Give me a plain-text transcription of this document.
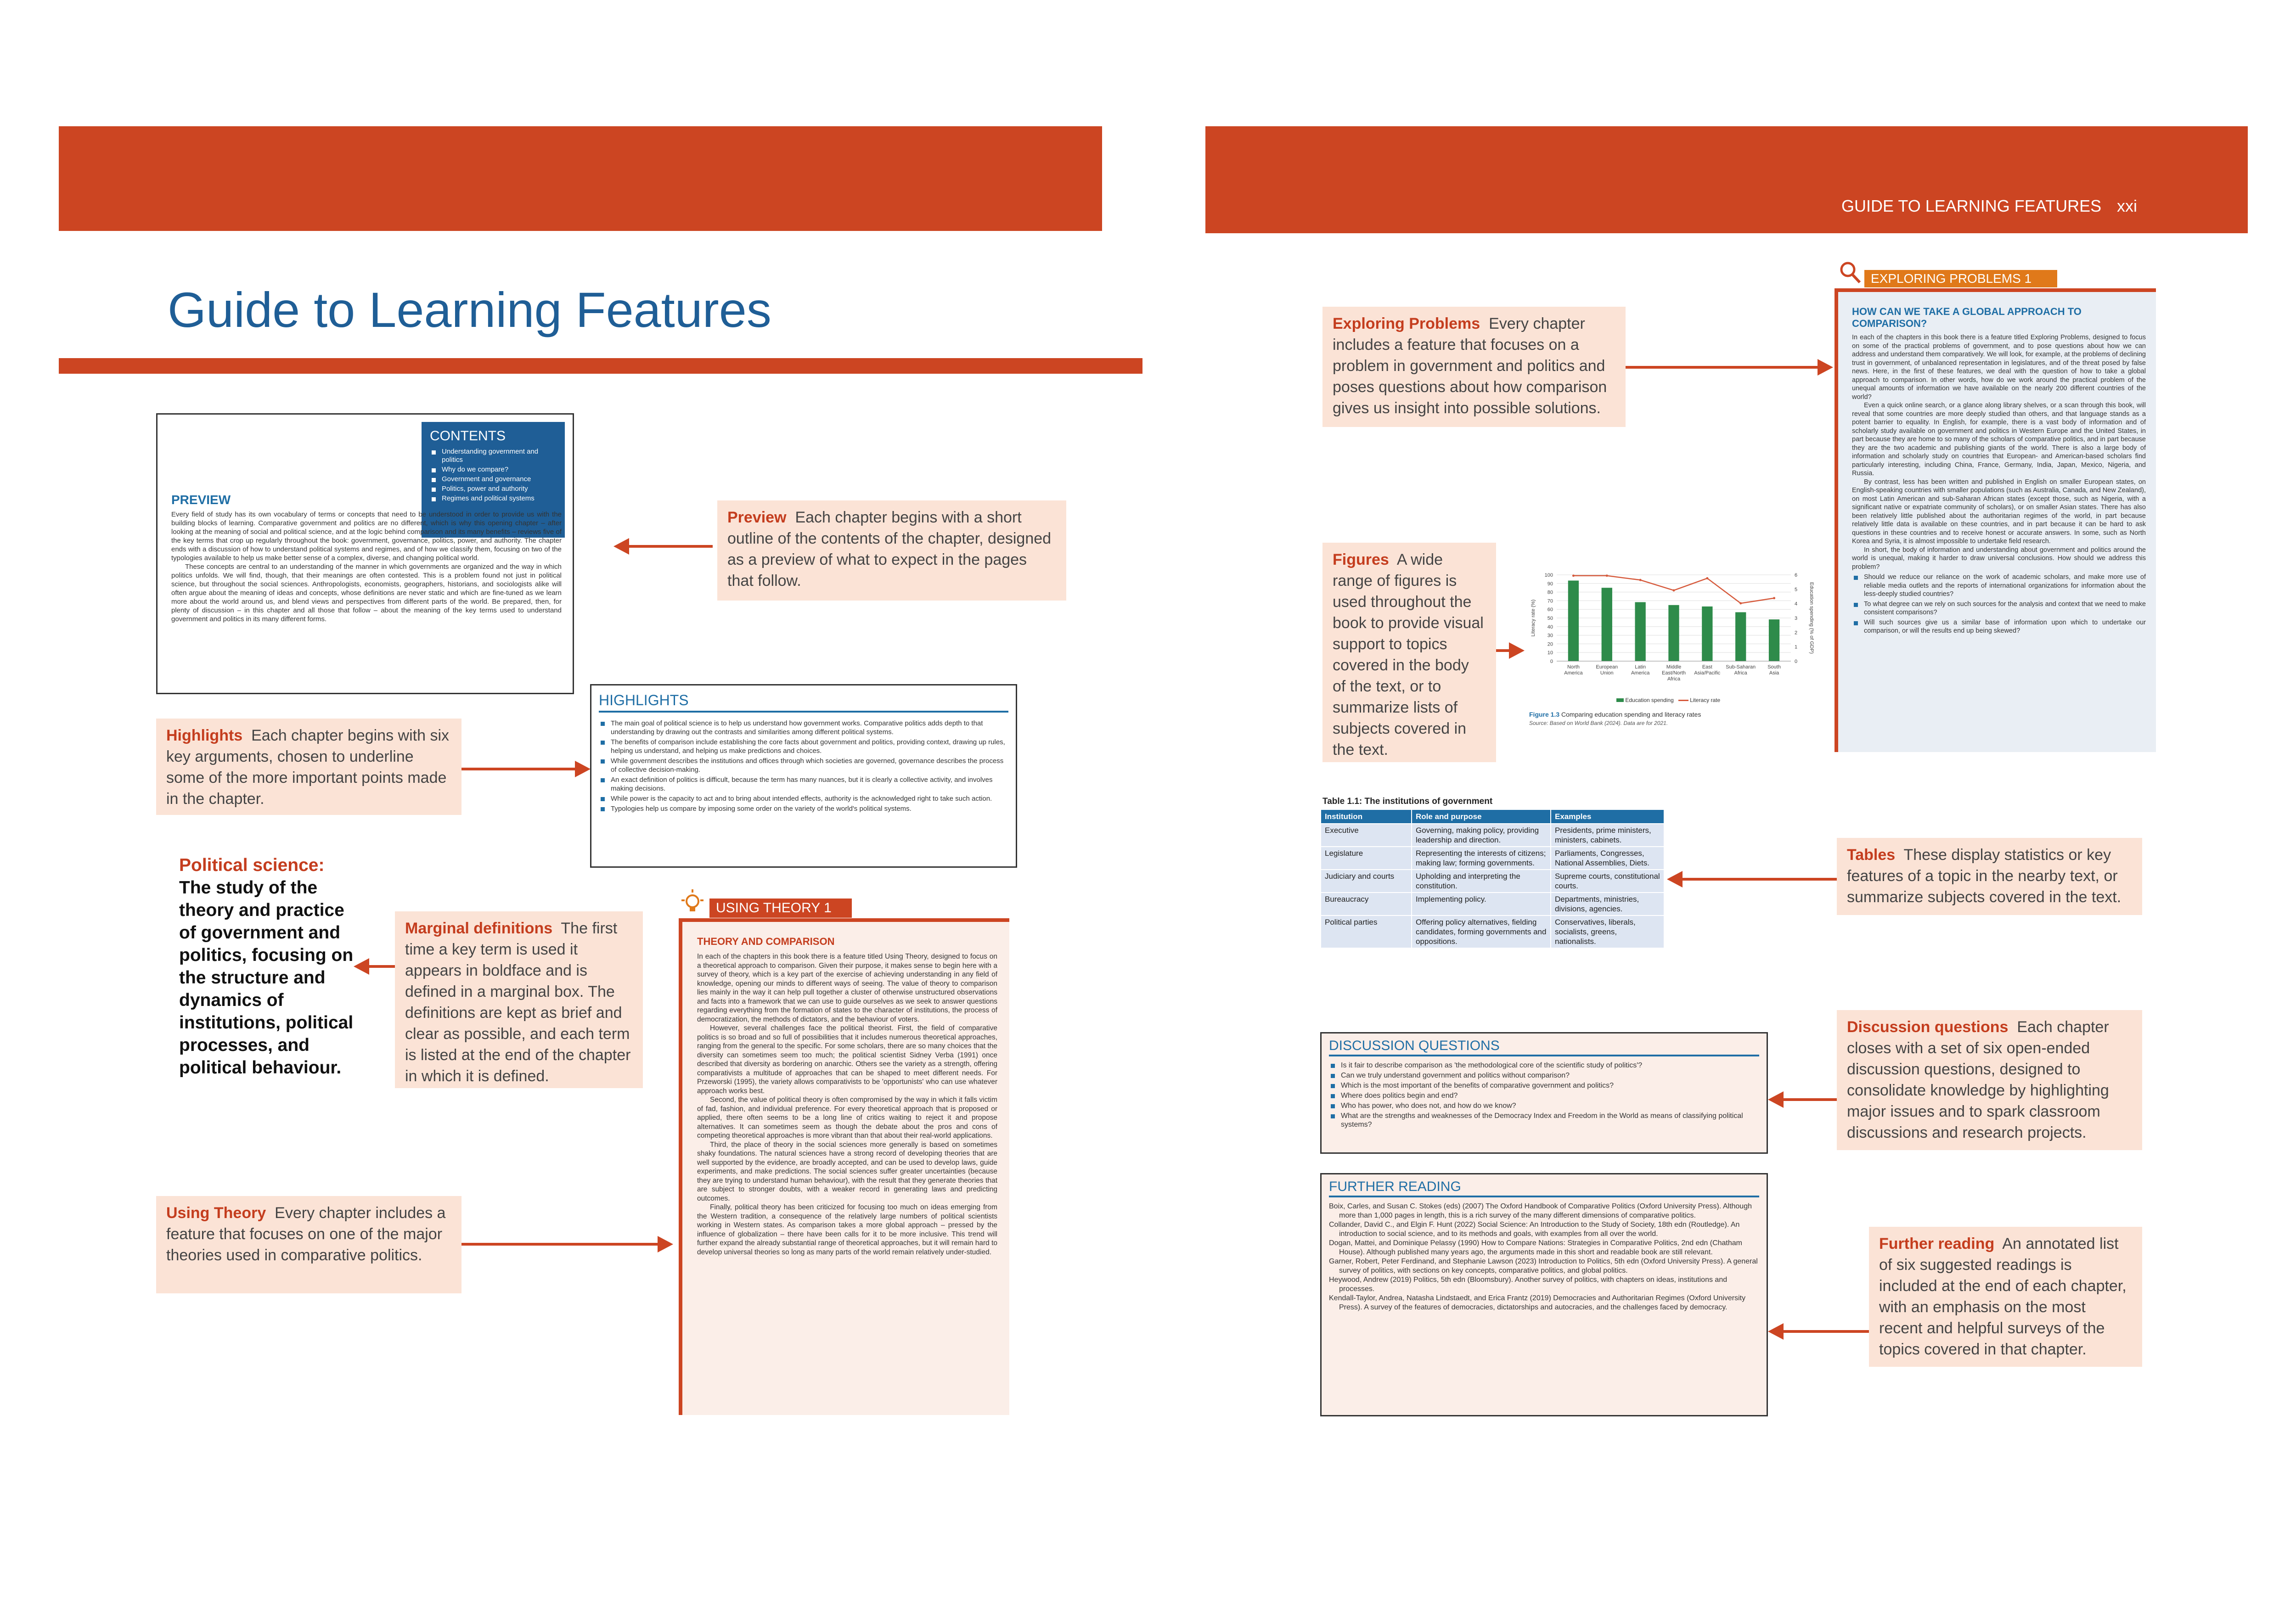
Guide to Learning Features
CONTENTS
Understanding government and politics
Why do we compare?
Government and governance
Politics, power and authority
Regimes and political systems
PREVIEW
Every field of study has its own vocabulary of terms or concepts that need to be understood in order to provide us with the building blocks of learning. Comparative government and politics are no different, which is why this opening chapter – after looking at the meaning of social and political science, and at the logic behind comparison and its many benefits – reviews five of the key terms that crop up regularly throughout the book: government, governance, politics, power, and authority. The chapter ends with a discussion of how to understand political systems and regimes, and of how we classify them, focusing on two of the typologies available to help us make better sense of a complex, diverse, and changing political world.
These concepts are central to an understanding of the manner in which governments are organized and the way in which politics unfolds. We will find, though, that their meanings are often contested. This is a problem found not just in political science, but throughout the social sciences. Anthropologists, economists, geographers, historians, and sociologists alike will often argue about the meaning of ideas and concepts, whose definitions are never static and which are fine-tuned as we learn more about the world around us, and blend views and perspectives from different parts of the world. Be prepared, then, for plenty of discussion – in this chapter and all those that follow – about the meaning of the key terms used to understand government and politics in its many different forms.
Preview Each chapter begins with a short outline of the contents of the chapter, designed as a preview of what to expect in the pages that follow.
Highlights Each chapter begins with six key arguments, chosen to underline some of the more important points made in the chapter.
HIGHLIGHTS
The main goal of political science is to help us understand how government works. Comparative politics adds depth to that understanding by drawing out the contrasts and similarities among different political systems.
The benefits of comparison include establishing the core facts about government and politics, providing context, drawing up rules, helping us understand, and helping us make predictions and choices.
While government describes the institutions and offices through which societies are governed, governance describes the process of collective decision-making.
An exact definition of politics is difficult, because the term has many nuances, but it is clearly a collective activity, and involves making decisions.
While power is the capacity to act and to bring about intended effects, authority is the acknowledged right to take such action.
Typologies help us compare by imposing some order on the variety of the world's political systems.
Political science:
The study of the theory and practice of government and politics, focusing on the structure and dynamics of institutions, political processes, and political behaviour.
Marginal definitions The first time a key term is used it appears in boldface and is defined in a marginal box. The definitions are kept as brief and clear as possible, and each term is listed at the end of the chapter in which it is defined.
Using Theory Every chapter includes a feature that focuses on one of the major theories used in comparative politics.
USING THEORY 1
THEORY AND COMPARISON
In each of the chapters in this book there is a feature titled Using Theory, designed to focus on a theoretical approach to comparison. Given their purpose, it makes sense to begin here with a survey of theory, which is a key part of the exercise of achieving understanding in any field of knowledge, opening our minds to different ways of seeing. The value of theory to comparison lies mainly in the way it can help pull together a cluster of otherwise unstructured observations and facts into a framework that we can use to guide ourselves as we seek to answer questions regarding everything from the formation of states to the character of institutions, the process of democratization, the methods of dictators, and the behaviour of voters.
However, several challenges face the political theorist. First, the field of comparative politics is so broad and so full of possibilities that it includes numerous theoretical approaches, ranging from the general to the specific. For some scholars, there are so many choices that the diversity can sometimes seem too much; the political scientist Sidney Verba (1991) once described that diversity as bordering on anarchic. Others see the variety as a strength, offering comparativists a multitude of approaches that can be shaped to meet different needs. For Przeworski (1995), the variety allows comparativists to be 'opportunists' who can use whatever approach works best.
Second, the value of political theory is often compromised by the way in which it falls victim of fad, fashion, and individual preference. For every theoretical approach that is proposed or applied, there often seems to be a long line of critics waiting to reject it and propose alternatives. It can sometimes seem as though the debate about the pros and cons of competing theoretical approaches is more vibrant than that about their real-world applications.
Third, the place of theory in the social sciences more generally is based on sometimes shaky foundations. The natural sciences have a strong record of developing theories that are well supported by the evidence, are broadly accepted, and can be used to develop laws, guide experiments, and make predictions. The social sciences suffer greater uncertainties (because they are trying to understand human behaviour), with the result that they generate theories that are subject to stronger doubts, with a weaker record in generating laws and predicting outcomes.
Finally, political theory has been criticized for focusing too much on ideas emerging from the Western tradition, a consequence of the relatively large numbers of political scientists working in Western states. As comparison takes a more global approach – pressed by the influence of globalization – there have been calls for it to be more inclusive. This trend will further expand the already substantial range of theoretical approaches, but it will remain hard to develop universal theories so long as many parts of the world remain relatively under-studied.
GUIDE TO LEARNING FEATURES xxi
Exploring Problems Every chapter includes a feature that focuses on a problem in government and politics and poses questions about how comparison gives us insight into possible solutions.
EXPLORING PROBLEMS 1
HOW CAN WE TAKE A GLOBAL APPROACH TO COMPARISON?
In each of the chapters in this book there is a feature titled Exploring Problems, designed to focus on some of the practical problems of government, and to pose questions about how we can address and understand them comparatively. We will look, for example, at the problems of declining trust in government, of unbalanced representation in legislatures, and of the threat posed by false news. Here, in the first of these features, we deal with the question of how to take a global approach to comparison. In other words, how do we work around the practical problem of the unequal amounts of information we have available on the nearly 200 different countries of the world?
Even a quick online search, or a glance along library shelves, or a scan through this book, will reveal that some countries are more deeply studied than others, and that language stands as a potent barrier to equality. In English, for example, there is a vast body of information and of scholarly study available on government and politics in Western Europe and the United States, in part because they are home to so many of the scholars of comparative politics, and in part because they are the two academic and publishing giants of the world. There is also a large body of information and scholarly study on countries that European- and American-based scholars find particularly interesting, including China, France, Germany, India, Japan, Mexico, Nigeria, and Russia.
By contrast, less has been written and published in English on smaller European states, on English-speaking countries with smaller populations (such as Australia, Canada, and New Zealand), on most Latin American and sub-Saharan African states (except those, such as Nigeria, with a significant native or expatriate community of scholars), or on smaller Asian states. There has also been relatively little published about the authoritarian regimes of the world, in part because relatively little data is available on these countries, and in part because it can be hard to ask questions in these countries and to receive honest or accurate answers. In some, such as North Korea and Syria, it is almost impossible to undertake field research.
In short, the body of information and understanding about government and politics around the world is unequal, making it harder to draw universal conclusions. How should we address this problem?
Should we reduce our reliance on the work of academic scholars, and make more use of reliable media outlets and the reports of international organizations for information about the less-deeply studied countries?
To what degree can we rely on such sources for the analysis and context that we need to make consistent comparisons?
Will such sources give us a similar base of information upon which to undertake our comparison, or will the results end up being skewed?
Figures A wide range of figures is used throughout the book to provide visual support to topics covered in the body of the text, or to summarize lists of subjects covered in the text.
0
10
20
30
40
50
60
70
80
90
100
0
1
2
3
4
5
6
Literacy rate (%)	Education spending (% of GDP)
North America
European Union
Latin America
Middle East/North Africa
East Asia/Pacific
Sub-Saharan Africa
South Asia
Education spending	Literacy rate
Figure 1.3 Comparing education spending and literacy rates
Source: Based on World Bank (2024). Data are for 2021.
Table 1.1: The institutions of government
Institution	Role and purpose	Examples
Executive	Governing, making policy, providing leadership and direction.	Presidents, prime ministers, ministers, cabinets.
Legislature	Representing the interests of citizens; making law; forming governments.	Parliaments, Congresses, National Assemblies, Diets.
Judiciary and courts	Upholding and interpreting the constitution.	Supreme courts, constitutional courts.
Bureaucracy	Implementing policy.	Departments, ministries, divisions, agencies.
Political parties	Offering policy alternatives, fielding candidates, forming governments and oppositions.	Conservatives, liberals, socialists, greens, nationalists.
Tables These display statistics or key features of a topic in the nearby text, or summarize subjects covered in the text.
DISCUSSION QUESTIONS
Is it fair to describe comparison as 'the methodological core of the scientific study of politics'?
Can we truly understand government and politics without comparison?
Which is the most important of the benefits of comparative government and politics?
Where does politics begin and end?
Who has power, who does not, and how do we know?
What are the strengths and weaknesses of the Democracy Index and Freedom in the World as means of classifying political systems?
Discussion questions Each chapter closes with a set of six open-ended discussion questions, designed to consolidate knowledge by highlighting major issues and to spark classroom discussions and research projects.
FURTHER READING
Boix, Carles, and Susan C. Stokes (eds) (2007) The Oxford Handbook of Comparative Politics (Oxford University Press). Although more than 1,000 pages in length, this is a rich survey of the many different dimensions of comparative politics.
Collander, David C., and Elgin F. Hunt (2022) Social Science: An Introduction to the Study of Society, 18th edn (Routledge). An introduction to social science, and to its methods and goals, with examples from all over the world.
Dogan, Mattei, and Dominique Pelassy (1990) How to Compare Nations: Strategies in Comparative Politics, 2nd edn (Chatham House). Although published many years ago, the arguments made in this short and readable book are still relevant.
Garner, Robert, Peter Ferdinand, and Stephanie Lawson (2023) Introduction to Politics, 5th edn (Oxford University Press). A general survey of politics, with sections on key concepts, comparative politics, and global politics.
Heywood, Andrew (2019) Politics, 5th edn (Bloomsbury). Another survey of politics, with chapters on ideas, institutions and processes.
Kendall-Taylor, Andrea, Natasha Lindstaedt, and Erica Frantz (2019) Democracies and Authoritarian Regimes (Oxford University Press). A survey of the features of democracies, dictatorships and autocracies, and the challenges faced by democracy.
Further reading An annotated list of six suggested readings is included at the end of each chapter, with an emphasis on the most recent and helpful surveys of the topics covered in that chapter.
